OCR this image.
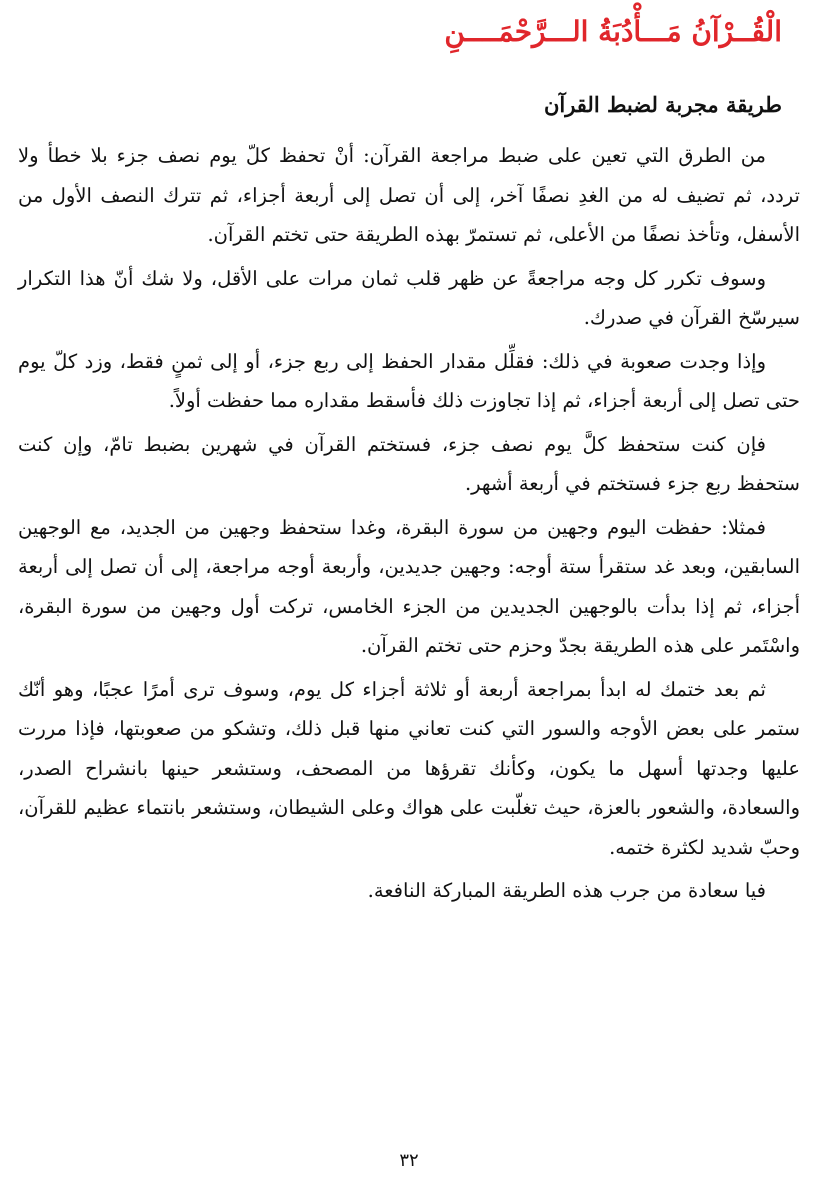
الْقُــرْآنُ مَـــأْدُبَةُ الـــرَّحْمَــــنِ
طريقة مجربة لضبط القرآن

من الطرق التي تعين على ضبط مراجعة القرآن: أنْ تحفظ كلّ يوم نصف جزء بلا خطأ ولا تردد، ثم تضيف له من الغدِ نصفًا آخر، إلى أن تصل إلى أربعة أجزاء، ثم تترك النصف الأول من الأسفل، وتأخذ نصفًا من الأعلى، ثم تستمرّ بهذه الطريقة حتى تختم القرآن.

وسوف تكرر كل وجه مراجعةً عن ظهر قلب ثمان مرات على الأقل، ولا شك أنّ هذا التكرار سيرسّخ القرآن في صدرك.

وإذا وجدت صعوبة في ذلك: فقلِّل مقدار الحفظ إلى ربع جزء، أو إلى ثمنٍ فقط، وزد كلّ يوم حتى تصل إلى أربعة أجزاء، ثم إذا تجاوزت ذلك فأسقط مقداره مما حفظت أولاً.

فإن كنت ستحفظ كلَّ يوم نصف جزء، فستختم القرآن في شهرين بضبط تامّ، وإن كنت ستحفظ ربع جزء فستختم في أربعة أشهر.

فمثلا: حفظت اليوم وجهين من سورة البقرة، وغدا ستحفظ وجهين من الجديد، مع الوجهين السابقين، وبعد غد ستقرأ ستة أوجه: وجهين جديدين، وأربعة أوجه مراجعة، إلى أن تصل إلى أربعة أجزاء، ثم إذا بدأت بالوجهين الجديدين من الجزء الخامس، تركت أول وجهين من سورة البقرة، واسْتَمر على هذه الطريقة بجدّ وحزم حتى تختم القرآن.

ثم بعد ختمك له ابدأ بمراجعة أربعة أو ثلاثة أجزاء كل يوم، وسوف ترى أمرًا عجبًا، وهو أنّك ستمر على بعض الأوجه والسور التي كنت تعاني منها قبل ذلك، وتشكو من صعوبتها، فإذا مررت عليها وجدتها أسهل ما يكون، وكأنك تقرؤها من المصحف، وستشعر حينها بانشراح الصدر، والسعادة، والشعور بالعزة، حيث تغلّبت على هواك وعلى الشيطان، وستشعر بانتماء عظيم للقرآن، وحبّ شديد لكثرة ختمه.

فيا سعادة من جرب هذه الطريقة المباركة النافعة.

٣٢
